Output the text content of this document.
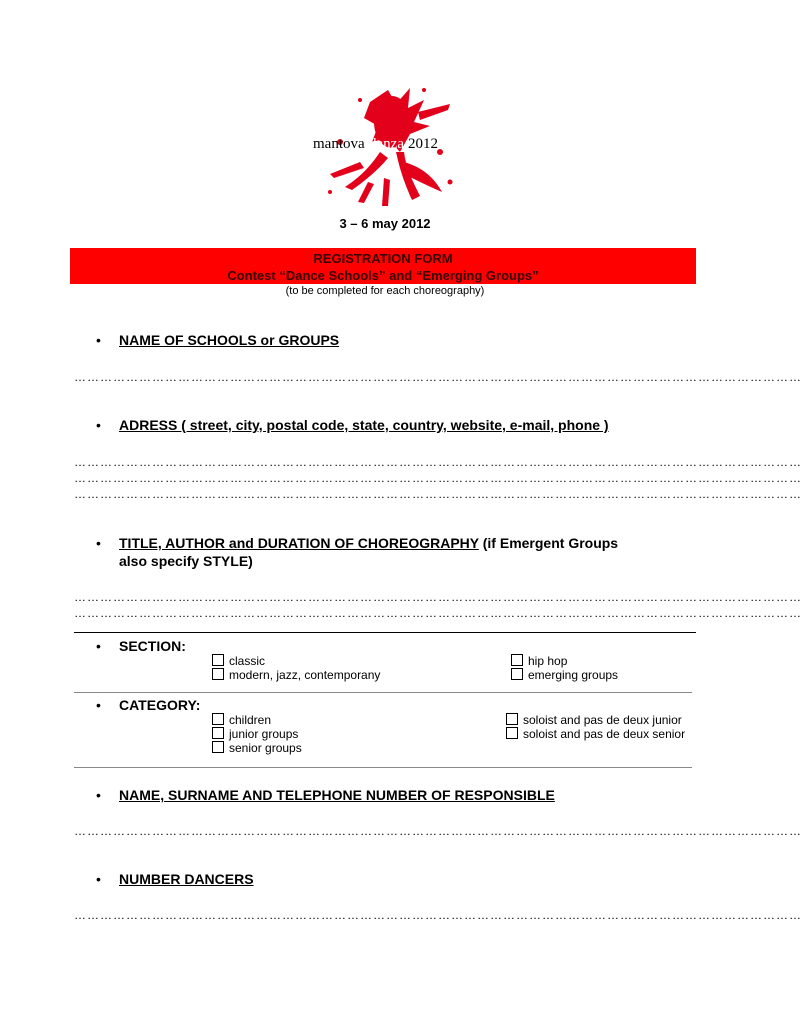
mantova danza 2012
3 – 6 may 2012
REGISTRATION FORM
Contest “Dance Schools” and “Emerging Groups”
(to be completed for each choreography)
• NAME OF SCHOOLS or GROUPS
……………………………………………………………………………………………………………………………………………………
• ADRESS ( street, city, postal code, state, country, website, e-mail, phone )
……………………………………………………………………………………………………………………………………………………
……………………………………………………………………………………………………………………………………………………
……………………………………………………………………………………………………………………………………………………
• TITLE, AUTHOR and DURATION OF CHOREOGRAPHY (if Emergent Groups
also specify STYLE)
……………………………………………………………………………………………………………………………………………………
……………………………………………………………………………………………………………………………………………………
• SECTION:
classic
modern, jazz, contemporany
hip hop
emerging groups
• CATEGORY:
children
junior groups
senior groups
soloist and pas de deux junior
soloist and pas de deux senior
• NAME, SURNAME AND TELEPHONE NUMBER OF RESPONSIBLE
……………………………………………………………………………………………………………………………………………………
• NUMBER DANCERS
……………………………………………………………………………………………………………………………………………………
